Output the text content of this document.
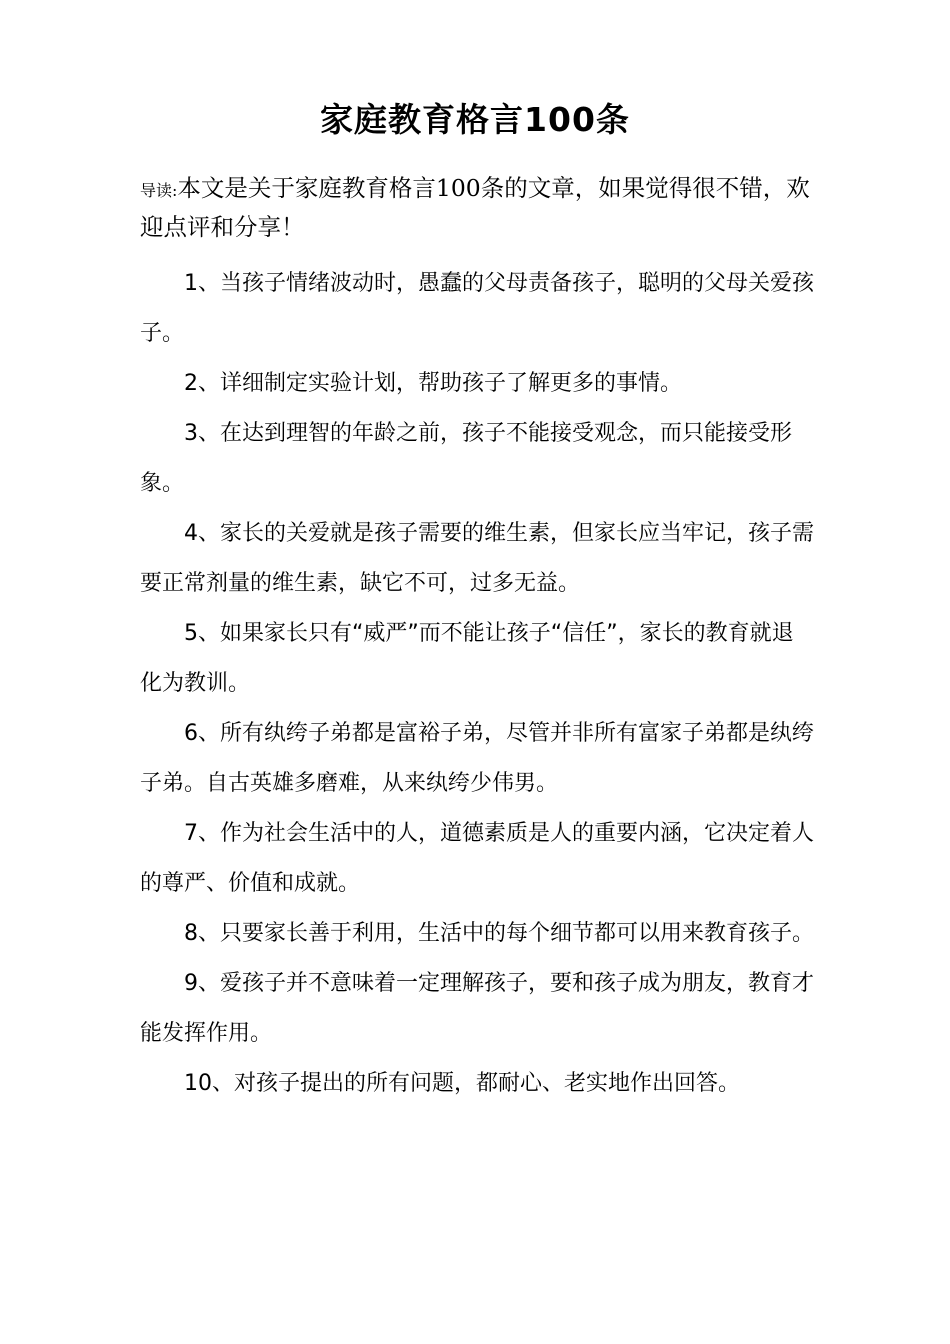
家庭教育格言100条

导读:本文是关于家庭教育格言100条的文章，如果觉得很不错，欢迎点评和分享！

1、当孩子情绪波动时，愚蠢的父母责备孩子，聪明的父母关爱孩子。

2、详细制定实验计划，帮助孩子了解更多的事情。

3、在达到理智的年龄之前，孩子不能接受观念，而只能接受形象。

4、家长的关爱就是孩子需要的维生素，但家长应当牢记，孩子需要正常剂量的维生素，缺它不可，过多无益。

5、如果家长只有“威严”而不能让孩子“信任”，家长的教育就退化为教训。

6、所有纨绔子弟都是富裕子弟，尽管并非所有富家子弟都是纨绔子弟。自古英雄多磨难，从来纨绔少伟男。

7、作为社会生活中的人，道德素质是人的重要内涵，它决定着人的尊严、价值和成就。

8、只要家长善于利用，生活中的每个细节都可以用来教育孩子。

9、爱孩子并不意味着一定理解孩子，要和孩子成为朋友，教育才能发挥作用。

10、对孩子提出的所有问题，都耐心、老实地作出回答。
